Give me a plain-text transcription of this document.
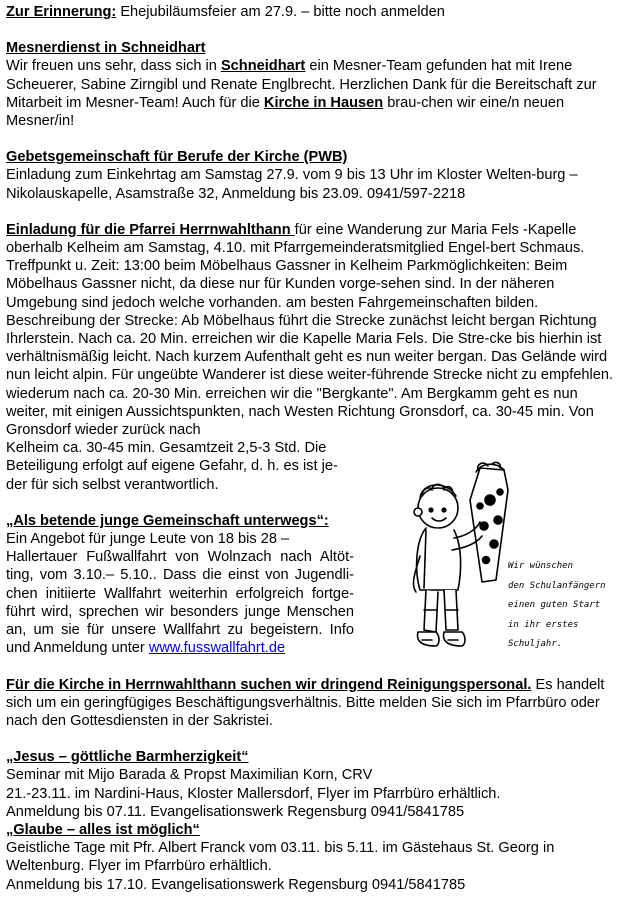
Zur Erinnerung: Ehejubiläumsfeier am 27.9. – bitte noch anmelden

Mesnerdienst in Schneidhart

Wir freuen uns sehr, dass sich in Schneidhart ein Mesner-Team gefunden hat mit Irene Scheuerer, Sabine Zirngibl und Renate Englbrecht. Herzlichen Dank für die Bereitschaft zur Mitarbeit im Mesner-Team! Auch für die Kirche in Hausen brau-chen wir eine/n neuen Mesner/in!

Gebetsgemeinschaft für Berufe der Kirche (PWB)

Einladung zum Einkehrtag am Samstag 27.9. vom 9 bis 13 Uhr im Kloster Welten-burg – Nikolauskapelle, Asamstraße 32, Anmeldung bis 23.09. 0941/597-2218

Einladung für die Pfarrei Herrnwahlthann für eine Wanderung zur Maria Fels -Kapelle oberhalb Kelheim am Samstag, 4.10. mit Pfarrgemeinderatsmitglied Engel-bert Schmaus. Treffpunkt u. Zeit: 13:00 beim Möbelhaus Gassner in Kelheim Parkmöglichkeiten: Beim Möbelhaus Gassner nicht, da diese nur für Kunden vorge-sehen sind. In der näheren Umgebung sind jedoch welche vorhanden. am besten Fahrgemeinschaften bilden.

Beschreibung der Strecke: Ab Möbelhaus führt die Strecke zunächst leicht bergan Richtung Ihrlerstein. Nach ca. 20 Min. erreichen wir die Kapelle Maria Fels. Die Stre-cke bis hierhin ist verhältnismäßig leicht. Nach kurzem Aufenthalt geht es nun weiter bergan. Das Gelände wird nun leicht alpin. Für ungeübte Wanderer ist diese weiter-führende Strecke nicht zu empfehlen. wiederum nach ca. 20-30 Min. erreichen wir die "Bergkante". Am Bergkamm geht es nun weiter, mit einigen Aussichtspunkten, nach Westen Richtung Gronsdorf, ca. 30-45 min. Von Gronsdorf wieder zurück nach

Kelheim ca. 30-45 min. Gesamtzeit 2,5-3 Std. Die Beteiligung erfolgt auf eigene Gefahr, d. h. es ist je-der für sich selbst verantwortlich.

„Als betende junge Gemeinschaft unterwegs“:

Ein Angebot für junge Leute von 18 bis 28 –

Hallertauer Fußwallfahrt von Wolnzach nach Altöt-ting, vom 3.10.– 5.10.. Dass die einst von Jugendli-chen initiierte Wallfahrt weiterhin erfolgreich fortge-führt wird, sprechen wir besonders junge Menschen an, um sie für unsere Wallfahrt zu begeistern. Info und Anmeldung unter www.fusswallfahrt.de

Für die Kirche in Herrnwahlthann suchen wir dringend Reinigungspersonal. Es handelt sich um ein geringfügiges Beschäftigungsverhältnis. Bitte melden Sie sich im Pfarrbüro oder nach den Gottesdiensten in der Sakristei.

„Jesus – göttliche Barmherzigkeit“

Seminar mit Mijo Barada & Propst Maximilian Korn, CRV

21.-23.11. im Nardini-Haus, Kloster Mallersdorf, Flyer im Pfarrbüro erhältlich.

Anmeldung bis 07.11. Evangelisationswerk Regensburg 0941/5841785

„Glaube – alles ist möglich“

Geistliche Tage mit Pfr. Albert Franck vom 03.11. bis 5.11. im Gästehaus St. Georg in Weltenburg. Flyer im Pfarrbüro erhältlich.

Anmeldung bis 17.10. Evangelisationswerk Regensburg 0941/5841785

Wir wünschen
den Schulanfängern
einen guten Start
in ihr erstes
Schuljahr.
